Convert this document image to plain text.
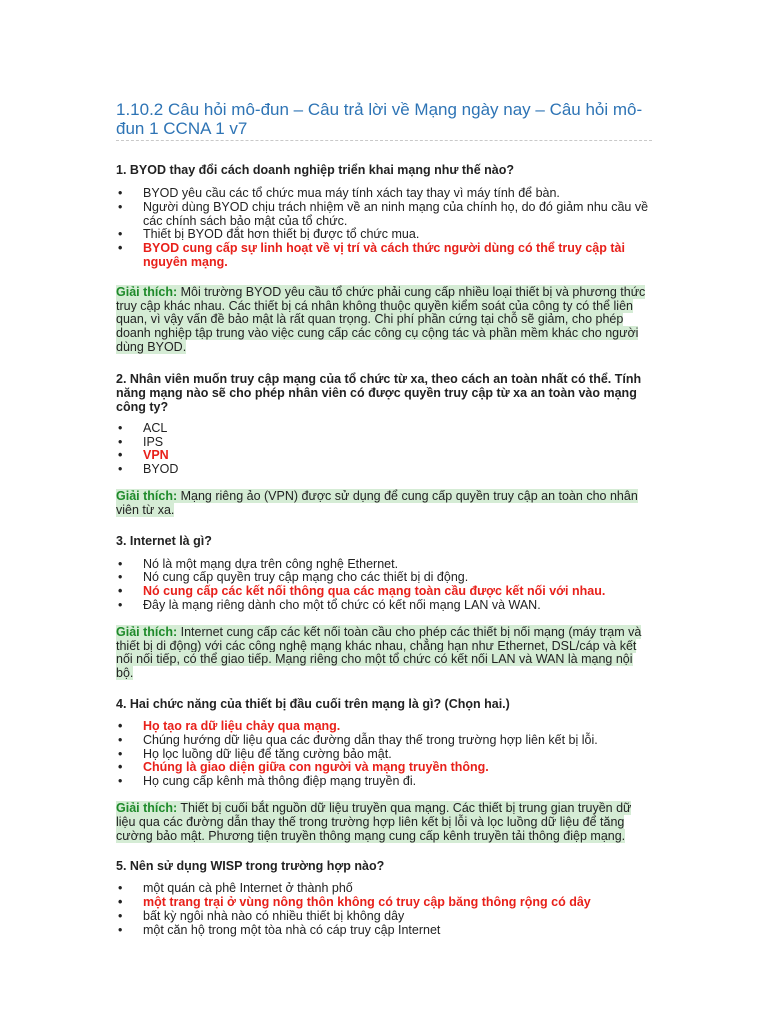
1.10.2 Câu hỏi mô-đun – Câu trả lời về Mạng ngày nay – Câu hỏi mô-đun 1 CCNA 1 v7

1. BYOD thay đổi cách doanh nghiệp triển khai mạng như thế nào?

• BYOD yêu cầu các tổ chức mua máy tính xách tay thay vì máy tính để bàn.
• Người dùng BYOD chịu trách nhiệm về an ninh mạng của chính họ, do đó giảm nhu cầu về các chính sách bảo mật của tổ chức.
• Thiết bị BYOD đắt hơn thiết bị được tổ chức mua.
• BYOD cung cấp sự linh hoạt về vị trí và cách thức người dùng có thể truy cập tài nguyên mạng.

Giải thích: Môi trường BYOD yêu cầu tổ chức phải cung cấp nhiều loại thiết bị và phương thức truy cập khác nhau. Các thiết bị cá nhân không thuộc quyền kiểm soát của công ty có thể liên quan, vì vậy vấn đề bảo mật là rất quan trọng. Chi phí phần cứng tại chỗ sẽ giảm, cho phép doanh nghiệp tập trung vào việc cung cấp các công cụ cộng tác và phần mềm khác cho người dùng BYOD.

2. Nhân viên muốn truy cập mạng của tổ chức từ xa, theo cách an toàn nhất có thể. Tính năng mạng nào sẽ cho phép nhân viên có được quyền truy cập từ xa an toàn vào mạng công ty?

• ACL
• IPS
• VPN
• BYOD

Giải thích: Mạng riêng ảo (VPN) được sử dụng để cung cấp quyền truy cập an toàn cho nhân viên từ xa.

3. Internet là gì?

• Nó là một mạng dựa trên công nghệ Ethernet.
• Nó cung cấp quyền truy cập mạng cho các thiết bị di động.
• Nó cung cấp các kết nối thông qua các mạng toàn cầu được kết nối với nhau.
• Đây là mạng riêng dành cho một tổ chức có kết nối mạng LAN và WAN.

Giải thích: Internet cung cấp các kết nối toàn cầu cho phép các thiết bị nối mạng (máy trạm và thiết bị di động) với các công nghệ mạng khác nhau, chẳng hạn như Ethernet, DSL/cáp và kết nối nối tiếp, có thể giao tiếp. Mạng riêng cho một tổ chức có kết nối LAN và WAN là mạng nội bộ.

4. Hai chức năng của thiết bị đầu cuối trên mạng là gì? (Chọn hai.)

• Họ tạo ra dữ liệu chảy qua mạng.
• Chúng hướng dữ liệu qua các đường dẫn thay thế trong trường hợp liên kết bị lỗi.
• Họ lọc luồng dữ liệu để tăng cường bảo mật.
• Chúng là giao diện giữa con người và mạng truyền thông.
• Họ cung cấp kênh mà thông điệp mạng truyền đi.

Giải thích: Thiết bị cuối bắt nguồn dữ liệu truyền qua mạng. Các thiết bị trung gian truyền dữ liệu qua các đường dẫn thay thế trong trường hợp liên kết bị lỗi và lọc luồng dữ liệu để tăng cường bảo mật. Phương tiện truyền thông mạng cung cấp kênh truyền tải thông điệp mạng.

5. Nên sử dụng WISP trong trường hợp nào?

• một quán cà phê Internet ở thành phố
• một trang trại ở vùng nông thôn không có truy cập băng thông rộng có dây
• bất kỳ ngôi nhà nào có nhiều thiết bị không dây
• một căn hộ trong một tòa nhà có cáp truy cập Internet
